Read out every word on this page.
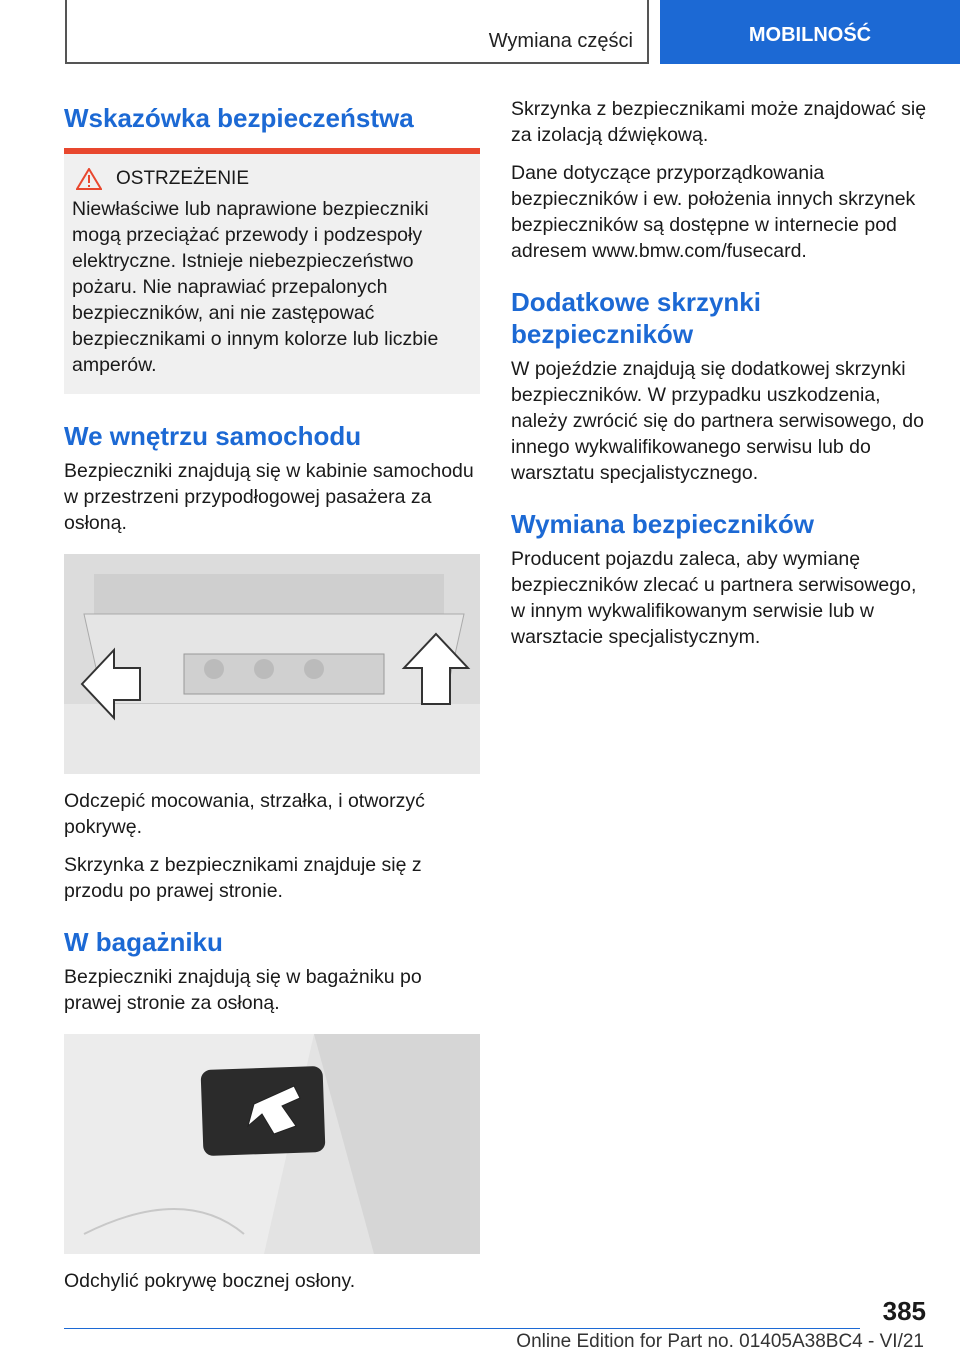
Wymiana części	MOBILNOŚĆ
Wskazówka bezpieczeństwa
OSTRZEŻENIE

Niewłaściwe lub naprawione bezpieczniki mogą przeciążać przewody i podzespoły elektryczne. Istnieje niebezpieczeństwo pożaru. Nie naprawiać przepalonych bezpieczników, ani nie zastępować bezpiecznikami o innym kolorze lub liczbie amperów.

We wnętrzu samochodu

Bezpieczniki znajdują się w kabinie samochodu w przestrzeni przypodłogowej pasażera za osłoną.

Odczepić mocowania, strzałka, i otworzyć pokrywę.

Skrzynka z bezpiecznikami znajduje się z przodu po prawej stronie.

W bagażniku

Bezpieczniki znajdują się w bagażniku po prawej stronie za osłoną.

Odchylić pokrywę bocznej osłony.

Skrzynka z bezpiecznikami może znajdować się za izolacją dźwiękową.

Dane dotyczące przyporządkowania bezpieczników i ew. położenia innych skrzynek bezpieczników są dostępne w internecie pod adresem www.bmw.com/fusecard.

Dodatkowe skrzynki bezpieczników

W pojeździe znajdują się dodatkowej skrzynki bezpieczników. W przypadku uszkodzenia, należy zwrócić się do partnera serwisowego, do innego wykwalifikowanego serwisu lub do warsztatu specjalistycznego.

Wymiana bezpieczników

Producent pojazdu zaleca, aby wymianę bezpieczników zlecać u partnera serwisowego, w innym wykwalifikowanym serwisie lub w warsztacie specjalistycznym.

385
Online Edition for Part no. 01405A38BC4 - VI/21
